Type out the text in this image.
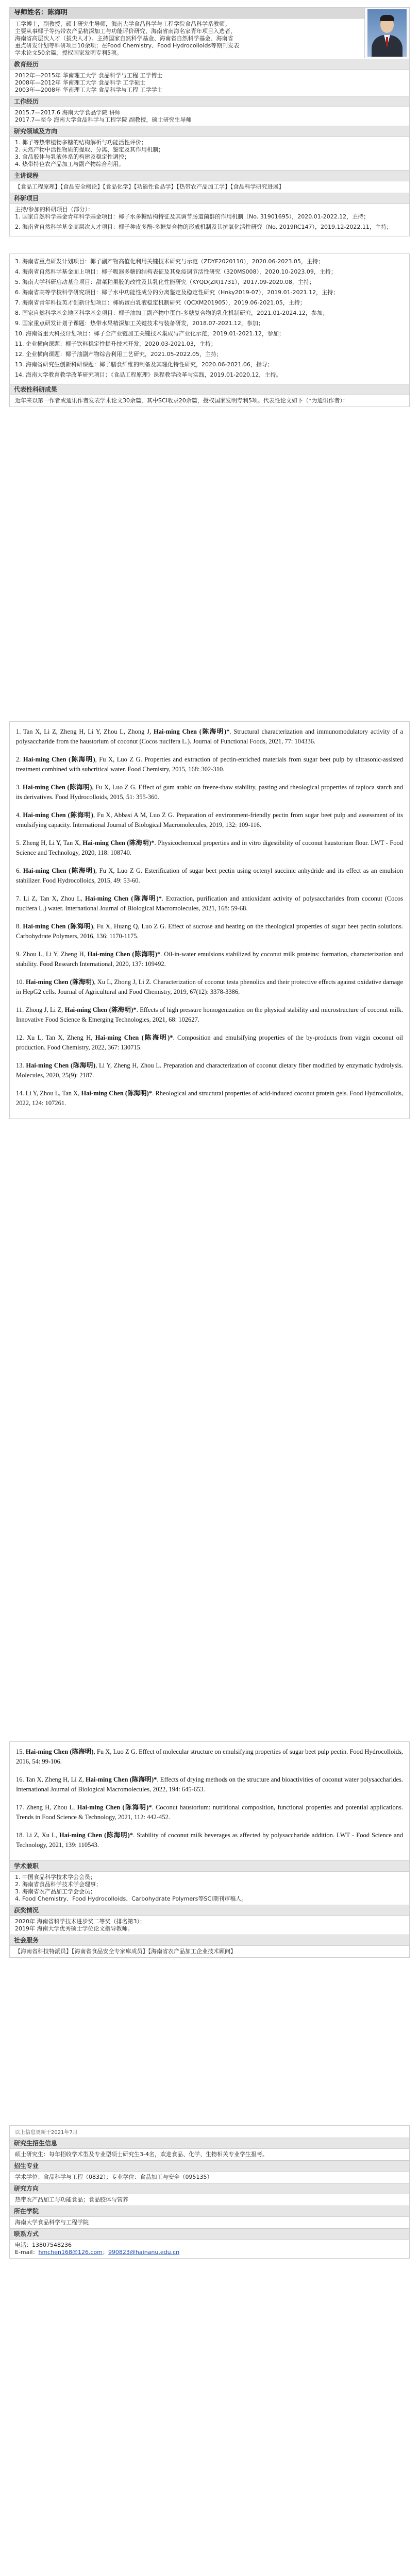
导师姓名：陈海明
工学博士，副教授，硕士研究生导师，海南大学食品科学与工程学院食品科学系教师。
主要从事椰子等热带农产品精深加工与功能评价研究，海南省南海名家青年项目入选者，
海南省高层次人才（拔尖人才）。主持国家自然科学基金、海南省自然科学基金、海南省
重点研发计划等科研项目10余项；在Food Chemistry、Food Hydrocolloids等期刊发表
学术论文50余篇，授权国家发明专利5项。
教育经历
2012年—2015年 华南理工大学 食品科学与工程 工学博士
2008年—2012年 华南理工大学 食品科学 工学硕士
2003年—2008年 华南理工大学 食品科学与工程 工学学士
工作经历
2015.7—2017.6 海南大学食品学院 讲师
2017.7—至今 海南大学食品科学与工程学院 副教授，硕士研究生导师
研究领域及方向
1. 椰子等热带植物多糖的结构解析与功能活性评价；
2. 天然产物中活性物质的提取、分离、鉴定及其作用机制；
3. 食品胶体与乳液体系的构建及稳定性调控；
4. 热带特色农产品加工与副产物综合利用。
主讲课程
【食品工程原理】【食品安全概论】【食品化学】【功能性食品学】【热带农产品加工学】【食品科学研究进展】
科研项目
主持/参加的科研项目（部分）：
1. 国家自然科学基金青年科学基金项目：椰子水多糖结构特征及其调节肠道菌群的作用机制（No. 31901695），2020.01-2022.12，主持；
2. 海南省自然科学基金高层次人才项目：椰子种皮多酚-多糖复合物的形成机制及其抗氧化活性研究（No. 2019RC147），2019.12-2022.11，主持；
3. 海南省重点研发计划项目：椰子副产物高值化利用关键技术研究与示范（ZDYF2020110），2020.06-2023.05，主持；
4. 海南省自然科学基金面上项目：椰子吸器多糖的结构表征及其免疫调节活性研究（320MS008），2020.10-2023.09，主持；
5. 海南大学科研启动基金项目：甜菜粕果胶的改性及其乳化性能研究（KYQD(ZR)1731），2017.09-2020.08，主持；
6. 海南省高等学校科学研究项目：椰子水中功能性成分的分离鉴定及稳定性研究（Hnky2019-07），2019.01-2021.12，主持；
7. 海南省青年科技英才创新计划项目：椰奶蛋白乳液稳定机制研究（QCXM201905），2019.06-2021.05，主持；
8. 国家自然科学基金地区科学基金项目：椰子油加工副产物中蛋白-多糖复合物的乳化机制研究，2021.01-2024.12，参加；
9. 国家重点研发计划子课题：热带水果精深加工关键技术与装备研发，2018.07-2021.12，参加；
10. 海南省重大科技计划项目：椰子全产业链加工关键技术集成与产业化示范，2019.01-2021.12，参加；
11. 企业横向课题：椰子饮料稳定性提升技术开发，2020.03-2021.03，主持；
12. 企业横向课题：椰子油副产物综合利用工艺研究，2021.05-2022.05，主持；
13. 海南省研究生创新科研课题：椰子膳食纤维的制备及其理化特性研究，2020.06-2021.06，指导；
14. 海南大学教育教学改革研究项目：《食品工程原理》课程教学改革与实践，2019.01-2020.12，主持。
代表性科研成果
近年来以第一作者或通讯作者发表学术论文30余篇，其中SCI收录20余篇，授权国家发明专利5项。代表性论文如下（*为通讯作者）：
1. Tan X, Li Z, Zheng H, Li Y, Zhou L, Zhong J, Hai-ming Chen (陈海明)*. Structural characterization and immunomodulatory activity of a polysaccharide from the haustorium of coconut (Cocos nucifera L.). Journal of Functional Foods, 2021, 77: 104336.
2. Hai-ming Chen (陈海明), Fu X, Luo Z G. Properties and extraction of pectin-enriched materials from sugar beet pulp by ultrasonic-assisted treatment combined with subcritical water. Food Chemistry, 2015, 168: 302-310.
3. Hai-ming Chen (陈海明), Fu X, Luo Z G. Effect of gum arabic on freeze-thaw stability, pasting and rheological properties of tapioca starch and its derivatives. Food Hydrocolloids, 2015, 51: 355-360.
4. Hai-ming Chen (陈海明), Fu X, Abbasi A M, Luo Z G. Preparation of environment-friendly pectin from sugar beet pulp and assessment of its emulsifying capacity. International Journal of Biological Macromolecules, 2019, 132: 109-116.
5. Zheng H, Li Y, Tan X, Hai-ming Chen (陈海明)*. Physicochemical properties and in vitro digestibility of coconut haustorium flour. LWT - Food Science and Technology, 2020, 118: 108740.
6. Hai-ming Chen (陈海明), Fu X, Luo Z G. Esterification of sugar beet pectin using octenyl succinic anhydride and its effect as an emulsion stabilizer. Food Hydrocolloids, 2015, 49: 53-60.
7. Li Z, Tan X, Zhou L, Hai-ming Chen (陈海明)*. Extraction, purification and antioxidant activity of polysaccharides from coconut (Cocos nucifera L.) water. International Journal of Biological Macromolecules, 2021, 168: 59-68.
8. Hai-ming Chen (陈海明), Fu X, Huang Q, Luo Z G. Effect of sucrose and heating on the rheological properties of sugar beet pectin solutions. Carbohydrate Polymers, 2016, 136: 1170-1175.
9. Zhou L, Li Y, Zheng H, Hai-ming Chen (陈海明)*. Oil-in-water emulsions stabilized by coconut milk proteins: formation, characterization and stability. Food Research International, 2020, 137: 109492.
10. Hai-ming Chen (陈海明), Xu L, Zhong J, Li Z. Characterization of coconut testa phenolics and their protective effects against oxidative damage in HepG2 cells. Journal of Agricultural and Food Chemistry, 2019, 67(12): 3378-3386.
11. Zhong J, Li Z, Hai-ming Chen (陈海明)*. Effects of high pressure homogenization on the physical stability and microstructure of coconut milk. Innovative Food Science & Emerging Technologies, 2021, 68: 102627.
12. Xu L, Tan X, Zheng H, Hai-ming Chen (陈海明)*. Composition and emulsifying properties of the by-products from virgin coconut oil production. Food Chemistry, 2022, 367: 130715.
13. Hai-ming Chen (陈海明), Li Y, Zheng H, Zhou L. Preparation and characterization of coconut dietary fiber modified by enzymatic hydrolysis. Molecules, 2020, 25(9): 2187.
14. Li Y, Zhou L, Tan X, Hai-ming Chen (陈海明)*. Rheological and structural properties of acid-induced coconut protein gels. Food Hydrocolloids, 2022, 124: 107261.
15. Hai-ming Chen (陈海明), Fu X, Luo Z G. Effect of molecular structure on emulsifying properties of sugar beet pulp pectin. Food Hydrocolloids, 2016, 54: 99-106.
16. Tan X, Zheng H, Li Z, Hai-ming Chen (陈海明)*. Effects of drying methods on the structure and bioactivities of coconut water polysaccharides. International Journal of Biological Macromolecules, 2022, 194: 645-653.
17. Zheng H, Zhou L, Hai-ming Chen (陈海明)*. Coconut haustorium: nutritional composition, functional properties and potential applications. Trends in Food Science & Technology, 2021, 112: 442-452.
18. Li Z, Xu L, Hai-ming Chen (陈海明)*. Stability of coconut milk beverages as affected by polysaccharide addition. LWT - Food Science and Technology, 2021, 139: 110543.
学术兼职
1. 中国食品科学技术学会会员；
2. 海南省食品科学技术学会理事；
3. 海南省农产品加工学会会员；
4. Food Chemistry、Food Hydrocolloids、Carbohydrate Polymers等SCI期刊审稿人。
获奖情况
2020年 海南省科学技术进步奖二等奖（排名第3）；
2019年 海南大学优秀硕士学位论文指导教师。
社会服务
【海南省科技特派员】【海南省食品安全专家库成员】【海南省农产品加工企业技术顾问】
以上信息更新于2021年7月
研究生招生信息
硕士研究生：每年招收学术型及专业型硕士研究生3-4名，欢迎食品、化学、生物相关专业学生报考。
招生专业
学术学位：食品科学与工程（0832）；专业学位：食品加工与安全（095135）
研究方向
热带农产品加工与功能食品；食品胶体与营养
所在学院
海南大学食品科学与工程学院
联系方式
电话：13807548236
E-mail：hmchen168@126.com；990823@hainanu.edu.cn
